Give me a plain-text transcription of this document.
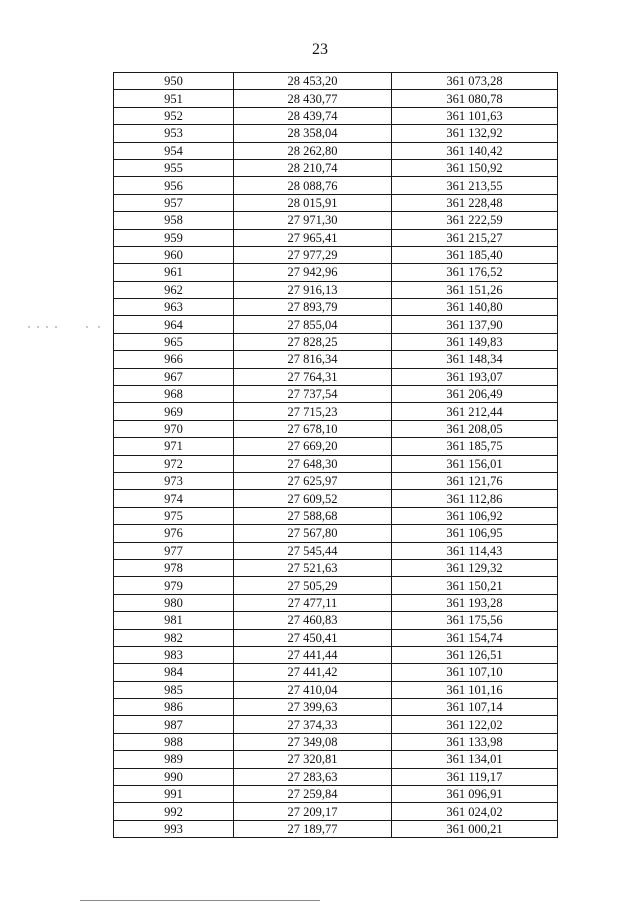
23
950	28 453,20	361 073,28
951	28 430,77	361 080,78
952	28 439,74	361 101,63
953	28 358,04	361 132,92
954	28 262,80	361 140,42
955	28 210,74	361 150,92
956	28 088,76	361 213,55
957	28 015,91	361 228,48
958	27 971,30	361 222,59
959	27 965,41	361 215,27
960	27 977,29	361 185,40
961	27 942,96	361 176,52
962	27 916,13	361 151,26
963	27 893,79	361 140,80
964	27 855,04	361 137,90
965	27 828,25	361 149,83
966	27 816,34	361 148,34
967	27 764,31	361 193,07
968	27 737,54	361 206,49
969	27 715,23	361 212,44
970	27 678,10	361 208,05
971	27 669,20	361 185,75
972	27 648,30	361 156,01
973	27 625,97	361 121,76
974	27 609,52	361 112,86
975	27 588,68	361 106,92
976	27 567,80	361 106,95
977	27 545,44	361 114,43
978	27 521,63	361 129,32
979	27 505,29	361 150,21
980	27 477,11	361 193,28
981	27 460,83	361 175,56
982	27 450,41	361 154,74
983	27 441,44	361 126,51
984	27 441,42	361 107,10
985	27 410,04	361 101,16
986	27 399,63	361 107,14
987	27 374,33	361 122,02
988	27 349,08	361 133,98
989	27 320,81	361 134,01
990	27 283,63	361 119,17
991	27 259,84	361 096,91
992	27 209,17	361 024,02
993	27 189,77	361 000,21
